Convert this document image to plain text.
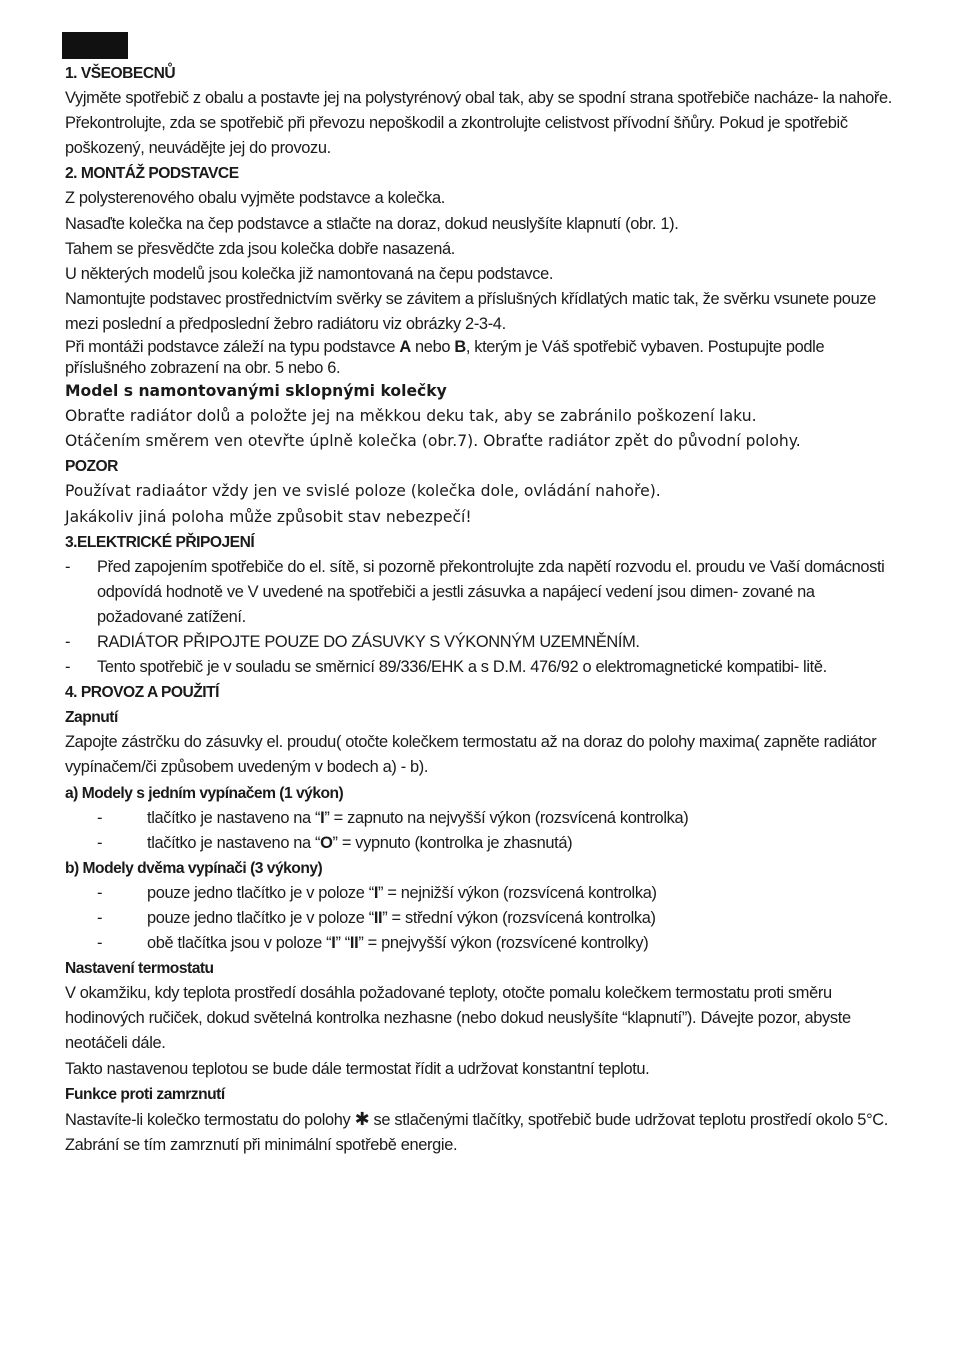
1. VŠEOBECNŮ

Vyjměte spotřebič z obalu a postavte jej na polystyrénový obal tak, aby se spodní strana spotřebiče nacháze- la nahoře.

Překontrolujte, zda se spotřebič při převozu nepoškodil a zkontrolujte celistvost přívodní šňůry. Pokud je spotřebič poškozený, neuváděјte jej do provozu.

2. MONTÁŽ PODSTAVCE

Z polysterenového obalu vyjměte podstavce a kolečka.

Nasaďte kolečka na čep podstavce a stlačte na doraz, dokud neuslyšíte klapnutí (obr. 1).

Tahem se přesvědčte zda jsou kolečka dobře nasazená.

U některých modelů jsou kolečka již namontovaná na čepu podstavce.

Namontujte podstavec prostřednictvím svěrky se závitem a příslušných křídlatých matic tak, že svěrku vsunete pouze mezi poslední a předposlední žebro radiátoru viz obrázky 2-3-4.

Při montáži podstavce záleží na typu podstavce A nebo B, kterým je Váš spotřebič vybaven. Postupujte podle příslušného zobrazení na obr. 5 nebo 6.

Model s namontovanými sklopnými kolečky

Obraťte radiátor dolů a položte jej na měkkou deku tak, aby se zabránilo poškození laku.

Otáčením směrem ven otevřte úplně kolečka (obr.7). Obraťte radiátor zpět do původní polohy.

POZOR

Používat radiaátor vždy jen ve svislé poloze (kolečka dole, ovládání nahoře).

Jakákoliv jiná poloha může způsobit stav nebezpečí!

3.ELEKTRICKÉ PŘIPOJENÍ
-	Před zapojením spotřebiče do el. sítě, si pozorně překontrolujte zda napětí rozvodu el. proudu ve Vaší domácnosti odpovídá hodnotě ve V uvedené na spotřebiči a jestli zásuvka a napájecí vedení jsou dimen- zované na požadované zatížení.
-	RADIÁTOR PŘIPOJTE POUZE DO ZÁSUVKY S VÝKONNÝM UZEMNĚNÍM.
-	Tento spotřebič je v souladu se směrnicí 89/336/EHK a s D.M. 476/92 o elektromagnetické kompatibi- litě.
4. PROVOZ A POUŽITÍ
Zapnutí

Zapojte zástrčku do zásuvky el. proudu( otočte kolečkem termostatu až na doraz do polohy maxima( zapněte radiátor vypínačem/či způsobem uvedeným v bodech a) - b).

a) Modely s jedním vypínačem (1 výkon)
-	tlačítko je nastaveno na “I” = zapnuto na nejvyšší výkon (rozsvícená kontrolka)
-	tlačítko je nastaveno na “O” = vypnuto (kontrolka je zhasnutá)
b) Modely dvěma vypínači (3 výkony)
-	pouze jedno tlačítko je v poloze “I” = nejnižší výkon (rozsvícená kontrolka)
-	pouze jedno tlačítko je v poloze “II” = střední výkon (rozsvícená kontrolka)
-	obě tlačítka jsou v poloze “I” “II” = pnejvyšší výkon (rozsvícené kontrolky)
Nastavení termostatu

V okamžiku, kdy teplota prostředí dosáhla požadované teploty, otočte pomalu kolečkem termostatu proti směru hodinových ručiček, dokud světelná kontrolka nezhasne (nebo dokud neuslyšíte “klapnutí”). Dávejte pozor, abyste neotáčeli dále.

Takto nastavenou teplotou se bude dále termostat řídit a udržovat konstantní teplotu.

Funkce proti zamrznutí

Nastavíte-li kolečko termostatu do polohy ✱ se stlačenými tlačítky, spotřebič bude udržovat teplotu prostředí okolo 5°C. Zabrání se tím zamrznutí při minimální spotřebě energie.
